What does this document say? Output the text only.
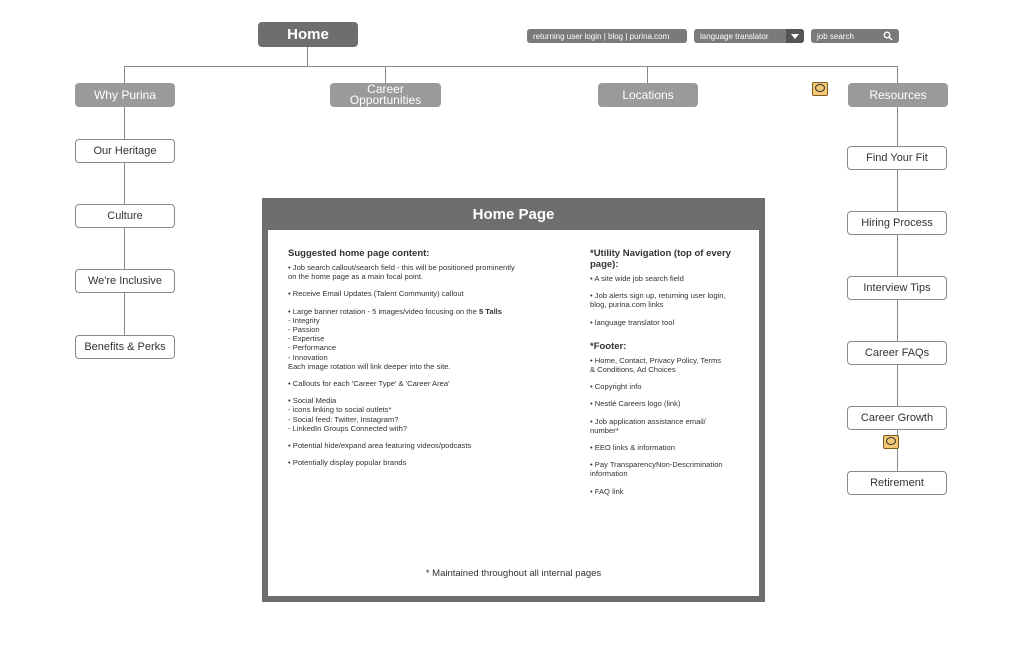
Home	returning user login | blog | purina.com	language translator	job search
Why Purina	Career
Opportunities	Locations	Resources
Our Heritage
Culture
We're Inclusive
Benefits & Perks
Find Your Fit
Hiring Process
Interview Tips
Career FAQs
Career Growth
Retirement
Home Page
Suggested home page content:

• Job search callout/search field - this will be positioned prominently
on the home page as a main focal point.

• Receive Email Updates (Talent Community) callout

• Large banner rotation - 5 images/video focusing on the 5 Talls
- Integrity
- Passion
- Expertise
- Performance
- Innovation
Each image rotation will link deeper into the site.

• Callouts for each 'Career Type' & 'Career Area'

• Social Media
- icons linking to social outlets*
- Social feed: Twitter, Instagram?
- LinkedIn Groups Connected with?

• Potential hide/expand area featuring videos/podcasts

• Potentially display popular brands

*Utility Navigation (top of every page):

• A site wide job search field

• Job alerts sign up, returning user login,
blog, purina.com links

• language translator tool

*Footer:

• Home, Contact, Privacy Policy, Terms
& Conditions, Ad Choices

• Copyright info

• Nestlé Careers logo (link)

• Job application assistance email/
number*

• EEO links & information

• Pay TransparencyNon-Descrimination
information

• FAQ link

* Maintained throughout all internal pages
